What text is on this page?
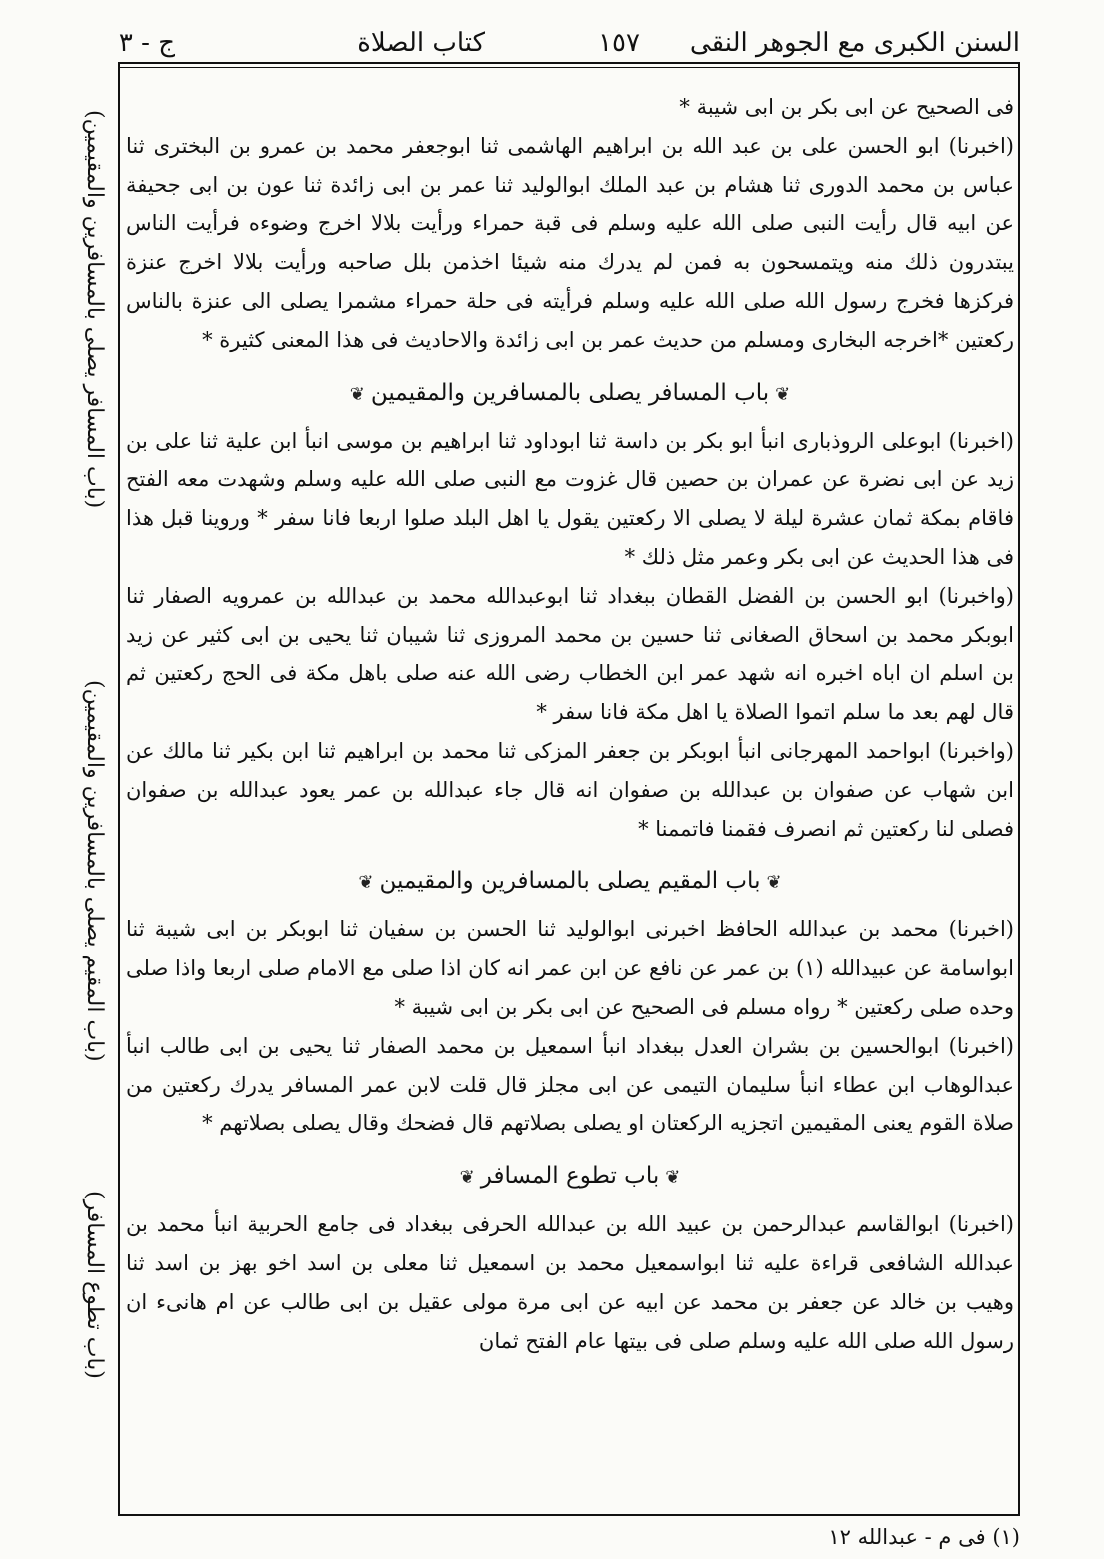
السنن الكبرى مع الجوهر النقى
١٥٧
كتاب الصلاة
ج - ٣
(باب المسافر يصلى بالمسافرين والمقيمين)
(باب المقيم يصلى بالمسافرين والمقيمين)
(باب تطوع المسافر)

فى الصحيح عن ابى بكر بن ابى شيبة *

(اخبرنا) ابو الحسن على بن عبد الله بن ابراهيم الهاشمى ثنا ابوجعفر محمد بن عمرو بن البخترى ثنا عباس بن محمد الدورى ثنا هشام بن عبد الملك ابوالوليد ثنا عمر بن ابى زائدة ثنا عون بن ابى جحيفة عن ابيه قال رأيت النبى صلى الله عليه وسلم فى قبة حمراء ورأيت بلالا اخرج وضوءه فرأيت الناس يبتدرون ذلك منه ويتمسحون به فمن لم يدرك منه شيئا اخذمن بلل صاحبه ورأيت بلالا اخرج عنزة فركزها فخرج رسول الله صلى الله عليه وسلم فرأيته فى حلة حمراء مشمرا يصلى الى عنزة بالناس ركعتين *اخرجه البخارى ومسلم من حديث عمر بن ابى زائدة والاحاديث فى هذا المعنى كثيرة *

❦باب المسافر يصلى بالمسافرين والمقيمين❦

(اخبرنا) ابوعلى الروذبارى انبأ ابو بكر بن داسة ثنا ابوداود ثنا ابراهيم بن موسى انبأ ابن علية ثنا على بن زيد عن ابى نضرة عن عمران بن حصين قال غزوت مع النبى صلى الله عليه وسلم وشهدت معه الفتح فاقام بمكة ثمان عشرة ليلة لا يصلى الا ركعتين يقول يا اهل البلد صلوا اربعا فانا سفر * وروينا قبل هذا فى هذا الحديث عن ابى بكر وعمر مثل ذلك *

(واخبرنا) ابو الحسن بن الفضل القطان ببغداد ثنا ابوعبدالله محمد بن عبدالله بن عمرويه الصفار ثنا ابوبكر محمد بن اسحاق الصغانى ثنا حسين بن محمد المروزى ثنا شيبان ثنا يحيى بن ابى كثير عن زيد بن اسلم ان اباه اخبره انه شهد عمر ابن الخطاب رضى الله عنه صلى باهل مكة فى الحج ركعتين ثم قال لهم بعد ما سلم اتموا الصلاة يا اهل مكة فانا سفر *

(واخبرنا) ابواحمد المهرجانى انبأ ابوبكر بن جعفر المزكى ثنا محمد بن ابراهيم ثنا ابن بكير ثنا مالك عن ابن شهاب عن صفوان بن عبدالله بن صفوان انه قال جاء عبدالله بن عمر يعود عبدالله بن صفوان فصلى لنا ركعتين ثم انصرف فقمنا فاتممنا *

❦باب المقيم يصلى بالمسافرين والمقيمين❦

(اخبرنا) محمد بن عبدالله الحافظ اخبرنى ابوالوليد ثنا الحسن بن سفيان ثنا ابوبكر بن ابى شيبة ثنا ابواسامة عن عبيدالله (١) بن عمر عن نافع عن ابن عمر انه كان اذا صلى مع الامام صلى اربعا واذا صلى وحده صلى ركعتين * رواه مسلم فى الصحيح عن ابى بكر بن ابى شيبة *

(اخبرنا) ابوالحسين بن بشران العدل ببغداد انبأ اسمعيل بن محمد الصفار ثنا يحيى بن ابى طالب انبأ عبدالوهاب ابن عطاء انبأ سليمان التيمى عن ابى مجلز قال قلت لابن عمر المسافر يدرك ركعتين من صلاة القوم يعنى المقيمين اتجزيه الركعتان او يصلى بصلاتهم قال فضحك وقال يصلى بصلاتهم *

❦باب تطوع المسافر❦

(اخبرنا) ابوالقاسم عبدالرحمن بن عبيد الله بن عبدالله الحرفى ببغداد فى جامع الحربية انبأ محمد بن عبدالله الشافعى قراءة عليه ثنا ابواسمعيل محمد بن اسمعيل ثنا معلى بن اسد اخو بهز بن اسد ثنا وهيب بن خالد عن جعفر بن محمد عن ابيه عن ابى مرة مولى عقيل بن ابى طالب عن ام هانىء ان رسول الله صلى الله عليه وسلم صلى فى بيتها عام الفتح ثمان

(١) فى م - عبدالله ١٢
